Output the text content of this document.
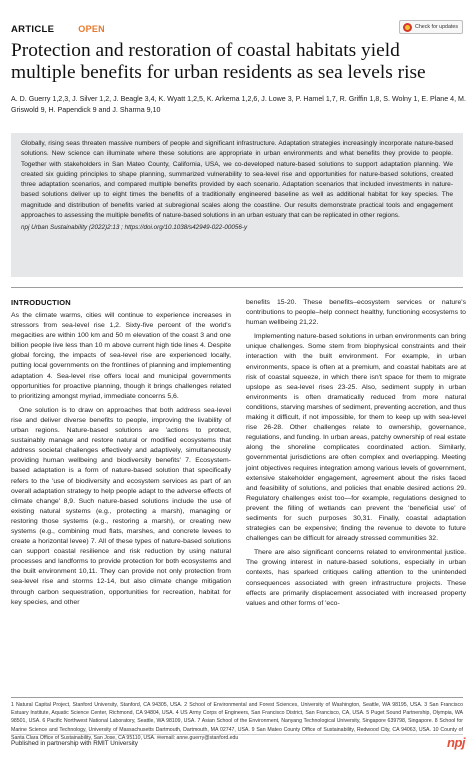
ARTICLE	OPEN	Check for updates
Protection and restoration of coastal habitats yield multiple benefits for urban residents as sea levels rise
A. D. Guerry 1,2,3, J. Silver 1,2, J. Beagle 3,4, K. Wyatt 1,2,5, K. Arkema 1,2,6, J. Lowe 3, P. Hamel 1,7, R. Griffin 1,8, S. Wolny 1, E. Plane 4, M. Griswold 9, H. Papendick 9 and J. Sharma 9,10
Globally, rising seas threaten massive numbers of people and significant infrastructure. Adaptation strategies increasingly incorporate nature-based solutions. New science can illuminate where these solutions are appropriate in urban environments and what benefits they provide to people. Together with stakeholders in San Mateo County, California, USA, we co-developed nature-based solutions to support adaptation planning. We created six guiding principles to shape planning, summarized vulnerability to sea-level rise and opportunities for nature-based solutions, created three adaptation scenarios, and compared multiple benefits provided by each scenario. Adaptation scenarios that included investments in nature-based solutions deliver up to eight times the benefits of a traditionally engineered baseline as well as additional habitat for key species. The magnitude and distribution of benefits varied at subregional scales along the coastline. Our results demonstrate practical tools and engagement approaches to assessing the multiple benefits of nature-based solutions in an urban estuary that can be replicated in other regions.
npj Urban Sustainability (2022)2:13 ; https://doi.org/10.1038/s42949-022-00056-y
INTRODUCTION

As the climate warms, cities will continue to experience increases in stressors from sea-level rise 1,2. Sixty-five percent of the world's megacities are within 100 km and 50 m elevation of the coast 3 and one billion people live less than 10 m above current high tide lines 4. Despite global forcing, the impacts of sea-level rise are experienced locally, putting local governments on the frontlines of planning and implementing adaptation 4. Sea-level rise offers local and municipal governments opportunities for proactive planning, though it brings challenges related to prioritizing amongst myriad, immediate concerns 5,6.

One solution is to draw on approaches that both address sea-level rise and deliver diverse benefits to people, improving the livability of urban regions. Nature-based solutions are 'actions to protect, sustainably manage and restore natural or modified ecosystems that address societal challenges effectively and adaptively, simultaneously providing human wellbeing and biodiversity benefits' 7. Ecosystem-based adaptation is a form of nature-based solution that specifically refers to the 'use of biodiversity and ecosystem services as part of an overall adaptation strategy to help people adapt to the adverse effects of climate change' 8,9. Such nature-based solutions include the use of existing natural systems (e.g., protecting a marsh), managing or restoring those systems (e.g., restoring a marsh), or creating new systems (e.g., combining mud flats, marshes, and concrete levees to create a horizontal levee) 7. All of these types of nature-based solutions can support coastal resilience and risk reduction by using natural processes and landforms to provide protection for both ecosystems and the built environment 10,11. They can provide not only protection from sea-level rise and storms 12-14, but also climate change mitigation through carbon sequestration, opportunities for recreation, habitat for key species, and other

benefits 15-20. These benefits–ecosystem services or nature's contributions to people–help connect healthy, functioning ecosystems to human wellbeing 21,22.

Implementing nature-based solutions in urban environments can bring unique challenges. Some stem from biophysical constraints and their interaction with the built environment. For example, in urban environments, space is often at a premium, and coastal habitats are at risk of coastal squeeze, in which there isn't space for them to migrate upslope as sea-level rises 23-25. Also, sediment supply in urban environments is often dramatically reduced from more natural conditions, starving marshes of sediment, preventing accretion, and thus making it difficult, if not impossible, for them to keep up with sea-level rise 26-28. Other challenges relate to ownership, governance, regulations, and funding. In urban areas, patchy ownership of real estate along the shoreline complicates coordinated action. Similarly, governmental jurisdictions are often complex and overlapping. Meeting joint objectives requires integration among various levels of government, extensive stakeholder engagement, agreement about the risks faced and feasibility of solutions, and policies that enable desired actions 29. Regulatory challenges exist too—for example, regulations designed to prevent the filling of wetlands can prevent the 'beneficial use' of sediments for such purposes 30,31. Finally, coastal adaptation strategies can be expensive; finding the revenue to devote to future challenges can be difficult for already stressed communities 32.

There are also significant concerns related to environmental justice. The growing interest in nature-based solutions, especially in urban contexts, has sparked critiques calling attention to the unintended consequences associated with green infrastructure projects. These effects are primarily displacement associated with increased property values and other forms of 'eco-

1 Natural Capital Project, Stanford University, Stanford, CA 94305, USA. 2 School of Environmental and Forest Sciences, University of Washington, Seattle, WA 98195, USA. 3 San Francisco Estuary Institute, Aquatic Science Center, Richmond, CA 94804, USA. 4 US Army Corps of Engineers, San Francisco District, San Francisco, CA, USA. 5 Puget Sound Partnership, Olympia, WA 98501, USA. 6 Pacific Northwest National Laboratory, Seattle, WA 98109, USA. 7 Asian School of the Environment, Nanyang Technological University, Singapore 639798, Singapore. 8 School for Marine Science and Technology, University of Massachusetts Dartmouth, Dartmouth, MA 02747, USA. 9 San Mateo County Office of Sustainability, Redwood City, CA 94063, USA. 10 County of Santa Clara Office of Sustainability, San Jose, CA 95110, USA. ✉email: anne.guerry@stanford.edu
Published in partnership with RMIT University	npj
